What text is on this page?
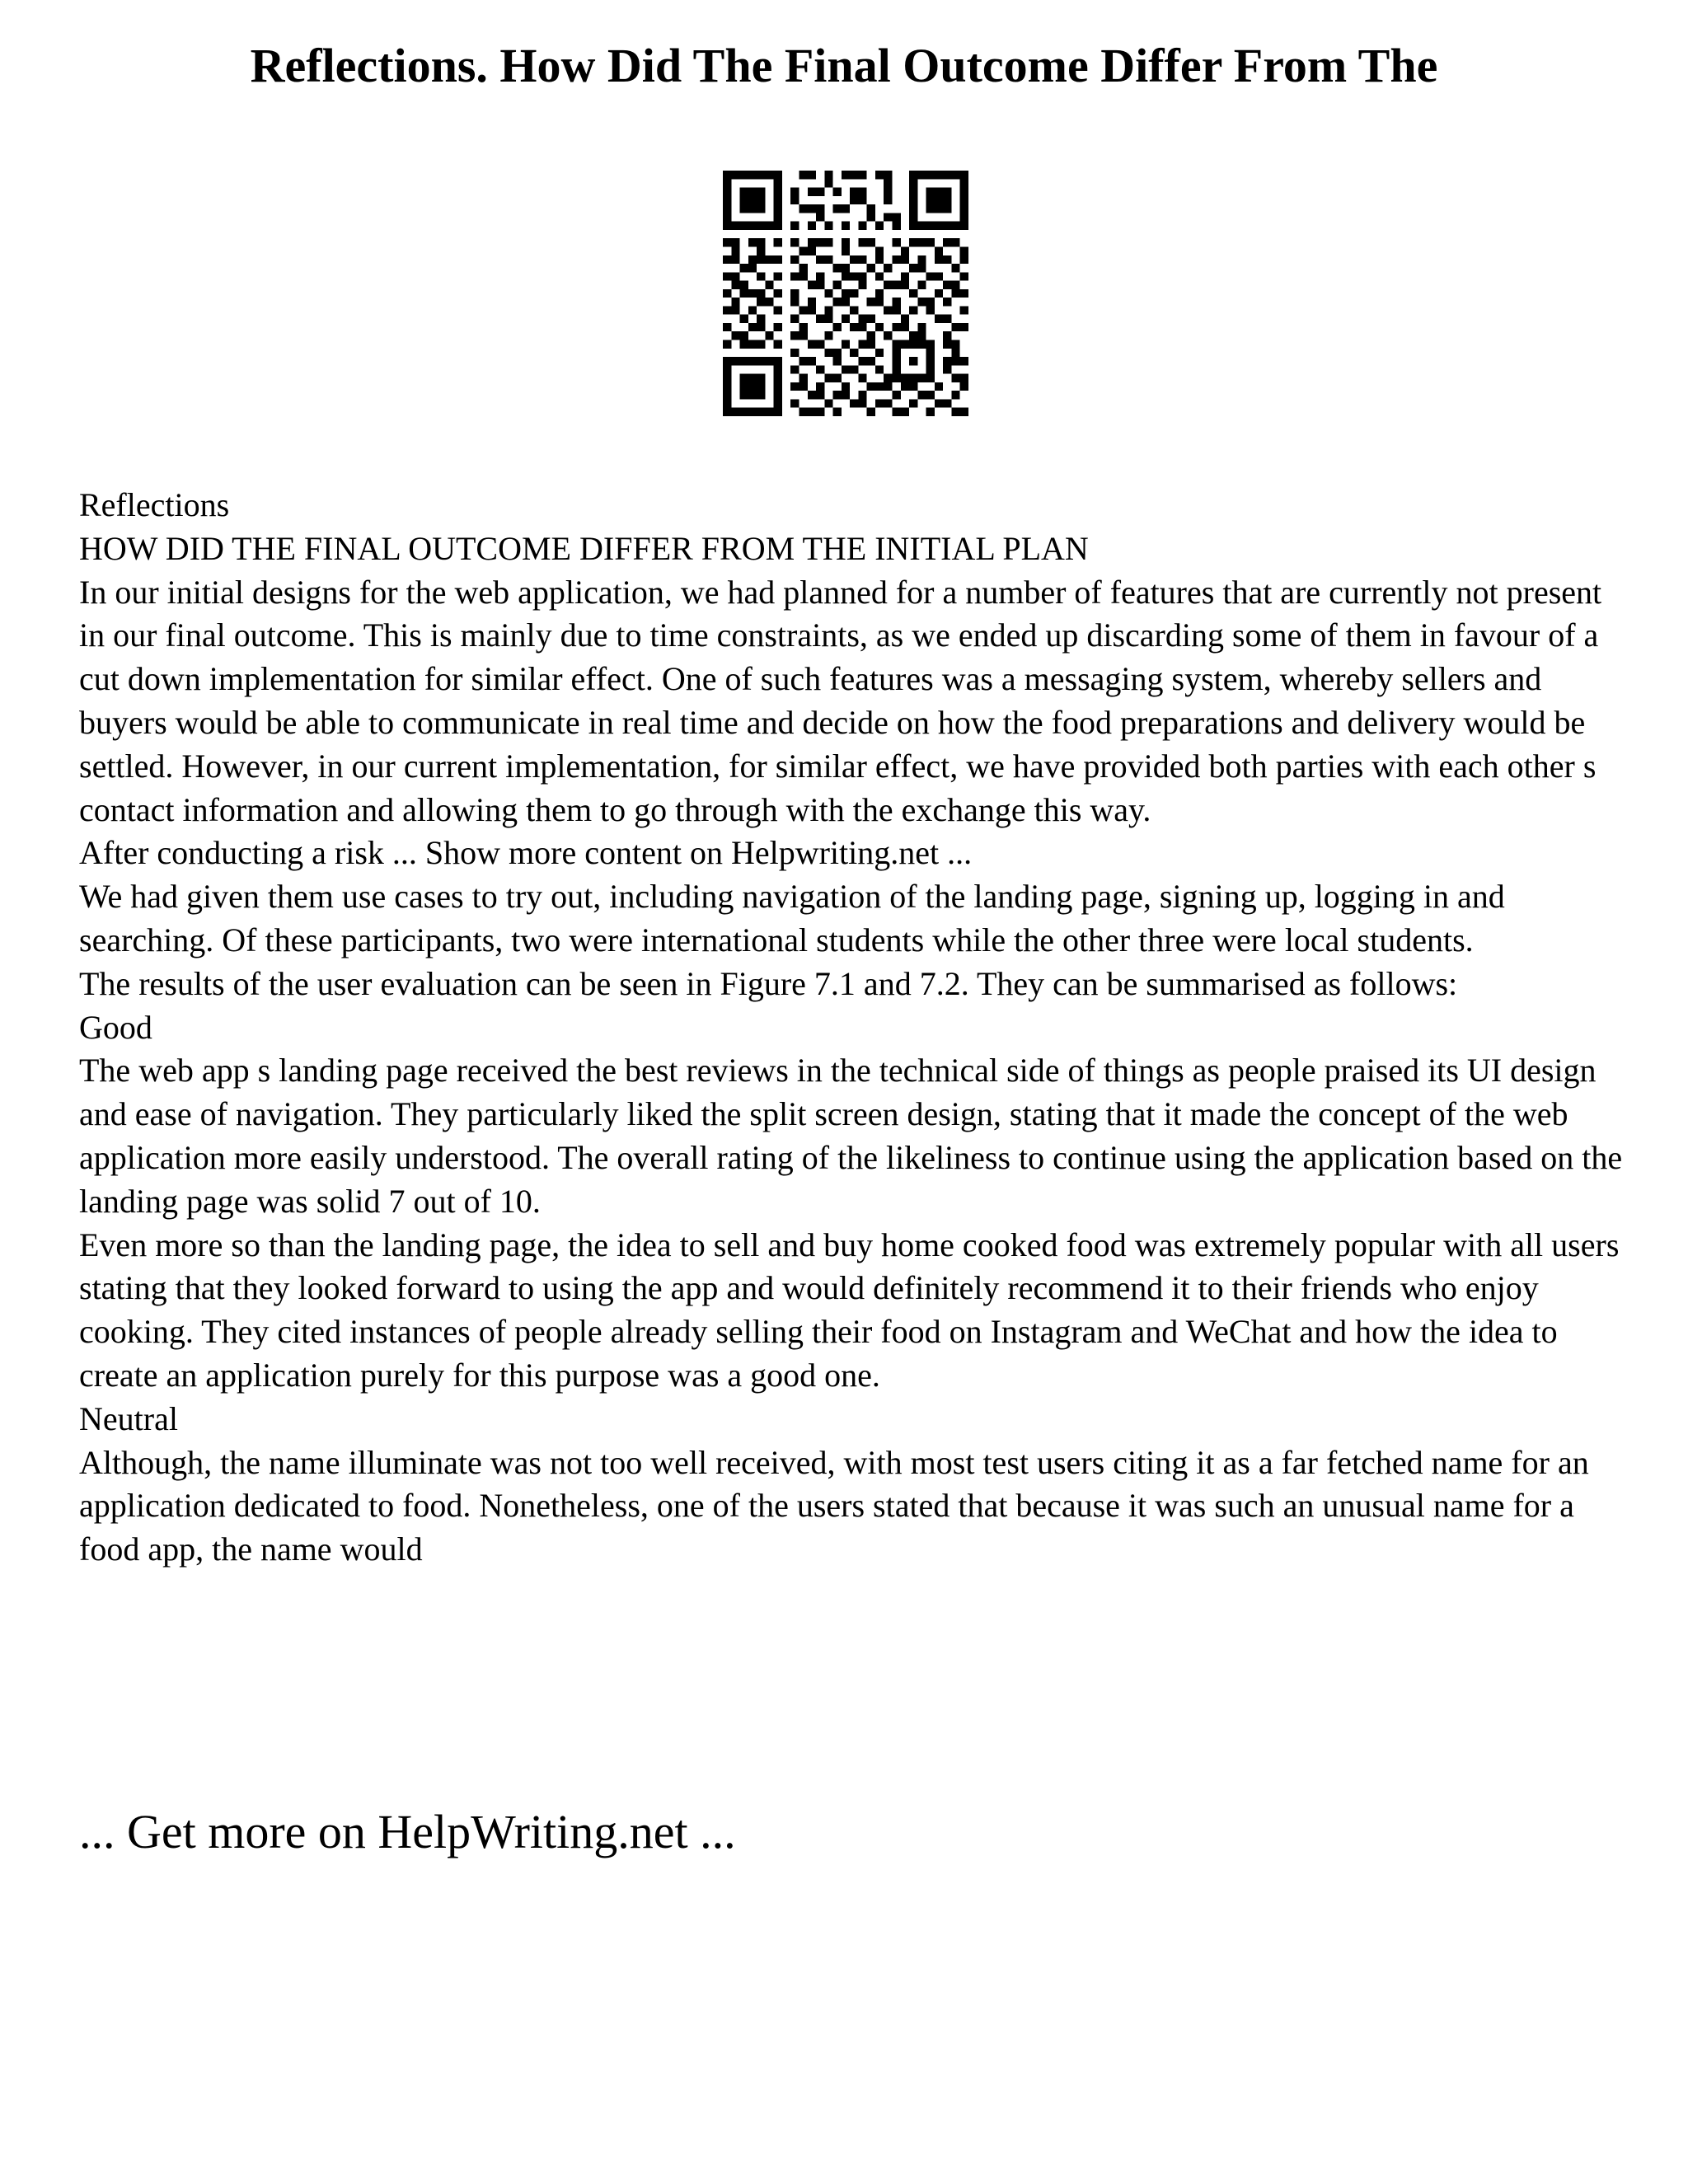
Reflections. How Did The Final Outcome Differ From The

Reflections

HOW DID THE FINAL OUTCOME DIFFER FROM THE INITIAL PLAN

In our initial designs for the web application, we had planned for a number of features that are currently not present in our final outcome. This is mainly due to time constraints, as we ended up discarding some of them in favour of a cut down implementation for similar effect. One of such features was a messaging system, whereby sellers and buyers would be able to communicate in real time and decide on how the food preparations and delivery would be settled. However, in our current implementation, for similar effect, we have provided both parties with each other s contact information and allowing them to go through with the exchange this way.

After conducting a risk ... Show more content on Helpwriting.net ...

We had given them use cases to try out, including navigation of the landing page, signing up, logging in and searching. Of these participants, two were international students while the other three were local students.

The results of the user evaluation can be seen in Figure 7.1 and 7.2. They can be summarised as follows:

Good

The web app s landing page received the best reviews in the technical side of things as people praised its UI design and ease of navigation. They particularly liked the split screen design, stating that it made the concept of the web application more easily understood. The overall rating of the likeliness to continue using the application based on the landing page was solid 7 out of 10.

Even more so than the landing page, the idea to sell and buy home cooked food was extremely popular with all users stating that they looked forward to using the app and would definitely recommend it to their friends who enjoy cooking. They cited instances of people already selling their food on Instagram and WeChat and how the idea to create an application purely for this purpose was a good one.

Neutral

Although, the name illuminate was not too well received, with most test users citing it as a far fetched name for an application dedicated to food. Nonetheless, one of the users stated that because it was such an unusual name for a food app, the name would

... Get more on HelpWriting.net ...
